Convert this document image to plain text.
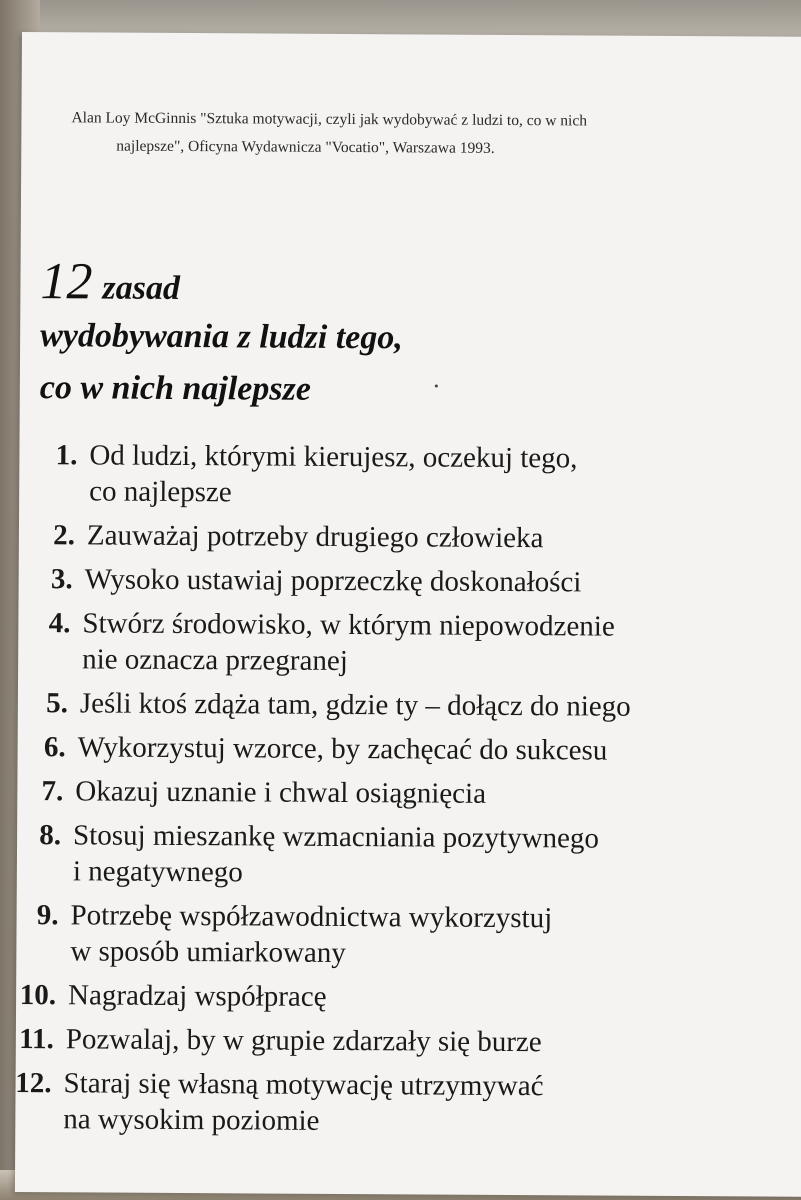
Alan Loy McGinnis "Sztuka motywacji, czyli jak wydobywać z ludzi to, co w nich
najlepsze", Oficyna Wydawnicza "Vocatio", Warszawa 1993.
12 zasad
wydobywania z ludzi tego,
co w nich najlepsze
1. Od ludzi, którymi kierujesz, oczekuj tego,
co najlepsze
2. Zauważaj potrzeby drugiego człowieka
3. Wysoko ustawiaj poprzeczkę doskonałości
4. Stwórz środowisko, w którym niepowodzenie
nie oznacza przegranej
5. Jeśli ktoś zdąża tam, gdzie ty – dołącz do niego
6. Wykorzystuj wzorce, by zachęcać do sukcesu
7. Okazuj uznanie i chwal osiągnięcia
8. Stosuj mieszankę wzmacniania pozytywnego
i negatywnego
9. Potrzebę współzawodnictwa wykorzystuj
w sposób umiarkowany
10. Nagradzaj współpracę
11. Pozwalaj, by w grupie zdarzały się burze
12. Staraj się własną motywację utrzymywać
na wysokim poziomie
